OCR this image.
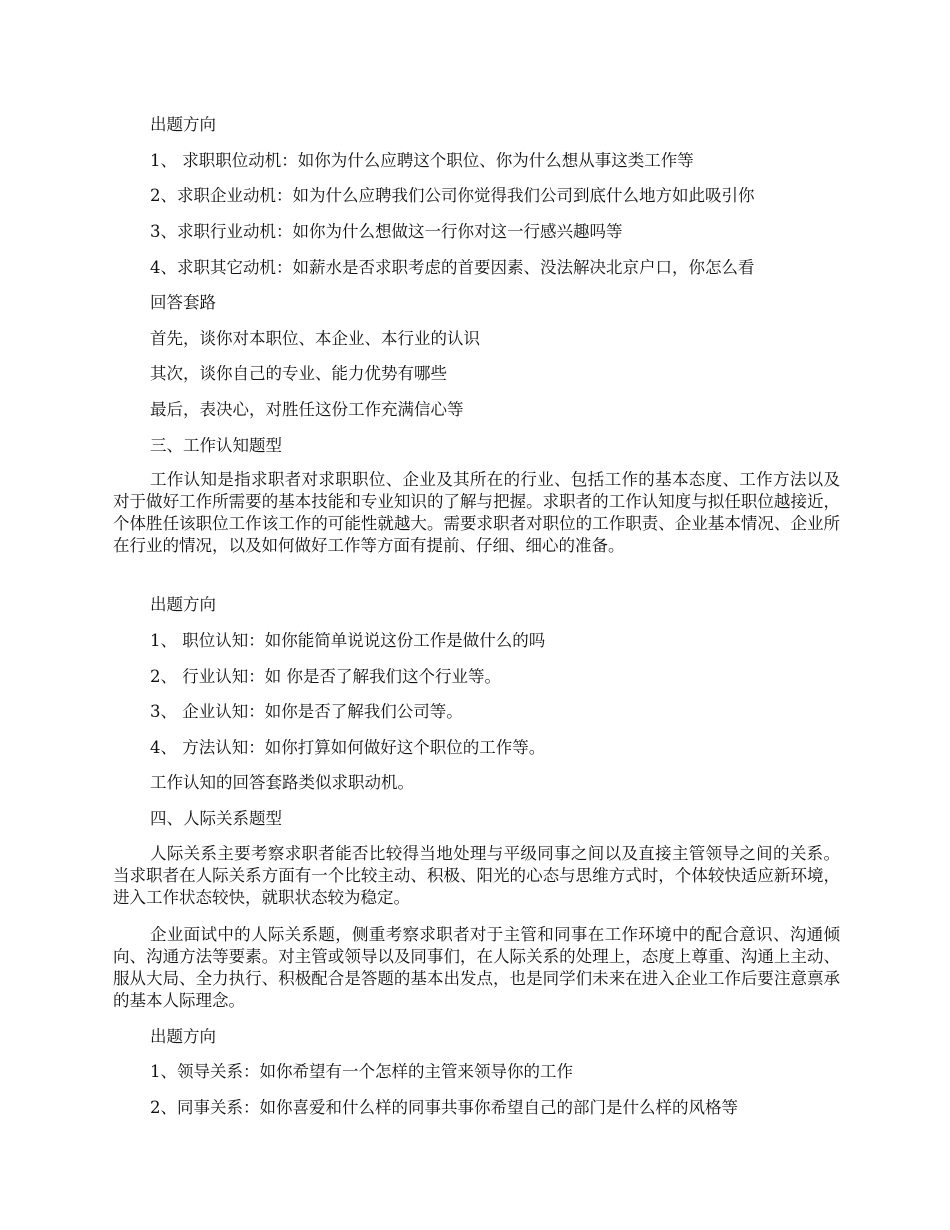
出题方向
1、 求职职位动机：如你为什么应聘这个职位、你为什么想从事这类工作等
2、求职企业动机：如为什么应聘我们公司你觉得我们公司到底什么地方如此吸引你
3、求职行业动机：如你为什么想做这一行你对这一行感兴趣吗等
4、求职其它动机：如薪水是否求职考虑的首要因素、没法解决北京户口，你怎么看
回答套路
首先，谈你对本职位、本企业、本行业的认识
其次，谈你自己的专业、能力优势有哪些
最后，表决心，对胜任这份工作充满信心等
三、工作认知题型
工作认知是指求职者对求职职位、企业及其所在的行业、包括工作的基本态度、工作方法以及对于做好工作所需要的基本技能和专业知识的了解与把握。求职者的工作认知度与拟任职位越接近，个体胜任该职位工作该工作的可能性就越大。需要求职者对职位的工作职责、企业基本情况、企业所在行业的情况，以及如何做好工作等方面有提前、仔细、细心的准备。
出题方向
1、 职位认知：如你能简单说说这份工作是做什么的吗
2、 行业认知：如 你是否了解我们这个行业等。
3、 企业认知：如你是否了解我们公司等。
4、 方法认知：如你打算如何做好这个职位的工作等。
工作认知的回答套路类似求职动机。
四、人际关系题型
人际关系主要考察求职者能否比较得当地处理与平级同事之间以及直接主管领导之间的关系。当求职者在人际关系方面有一个比较主动、积极、阳光的心态与思维方式时，个体较快适应新环境，进入工作状态较快，就职状态较为稳定。
企业面试中的人际关系题，侧重考察求职者对于主管和同事在工作环境中的配合意识、沟通倾向、沟通方法等要素。对主管或领导以及同事们，在人际关系的处理上，态度上尊重、沟通上主动、服从大局、全力执行、积极配合是答题的基本出发点，也是同学们未来在进入企业工作后要注意禀承的基本人际理念。
出题方向
1、领导关系：如你希望有一个怎样的主管来领导你的工作
2、同事关系：如你喜爱和什么样的同事共事你希望自己的部门是什么样的风格等
